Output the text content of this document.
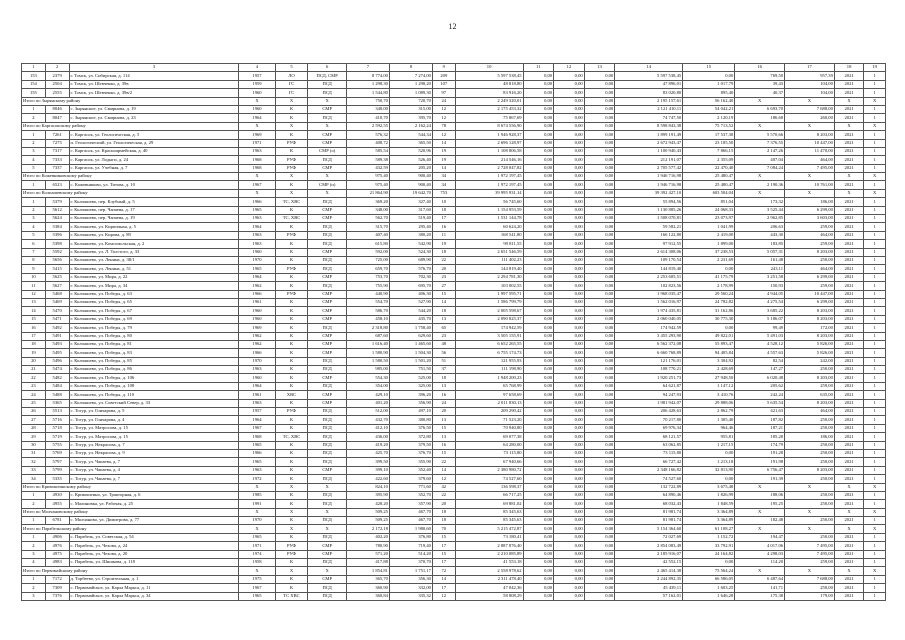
12
1	2	3	4	5	6	7	8	9	10	11	12	13	14	15	16	17	18	19
153	2379	г. Томск, ул. Сибирская, д. 114	1957	ЛО	ПСД, СМР	8 774,00	7 274,00	209	5 597 538,45	0,00	0,00	0,00	5 597 538,45	0,00	769,50	957,39	2021	1
154	2504	г. Томск, ул. Шевченко, д. 39в	1959	ГС	ПСД	1 298,30	1 298,20	107	48 818,80	0,00	0,00	0,00	47 896,01	1 017,79	39,43	104,00	2021	1
155	2555	г. Томск, ул. Шевченко, д. 39в/2	1960	ГС	ПСД	1 544,80	1 089,30	97	83 916,20	0,00	0,00	0,00	83 020,80	895,40	40,37	104,00	2021	1
Итого по Зырянскому району			X	X	X	750,70	720,70	24	2 249 320,01	0,00	0,00	0,00	2 195 157,61	56 162,40	X	X	X	X
1	8046	с. Зырянское, ул. Смирнова, д. 19	1960	К	СМР	340,00	315,00	12	2 175 453,32	0,00	0,00	0,00	2 121 410,11	54 042,21	6 693,70	7 688,00	2021	1
2	8047	с. Зырянское, ул. Смирнова, д. 23	1964	К	ПСД	410,70	395,70	12	75 867,69	0,00	0,00	0,00	74 747,50	2 120,19	186,68	260,00	2021	1
Итого по Каргасокскому району			X	X	X	2 592,55	2 162,24	78	8 674 556,90	0,00	0,00	0,00	8 598 843,38	75 713,52	X	X	X	X
1	7261	с. Каргасок, ул. Геологическая, д. 5	1969	К	СМР	576,32	544,34	12	1 946 928,37	0,00	0,00	0,00	1 899 191,49	17 537,38	5 570,66	8 203,00	2021	1
2	7275	п. Геологический, ул. Геологическая, д. 29	1971	РУФ	СМР	408,72	365,50	14	2 696 128,97	0,00	0,00	0,00	2 672 943,47	23 185,50	7 376,55	10 447,00	2021	1
3	7317	с. Каргасок, ул. Красноармейская, д. 40	1963	К	СМР (о)	585,54	520,96	19	1 108 806,58	0,00	0,00	0,00	1 100 940,43	7 866,15	2 147,26	11 470,00	2021	1
4	7333	с. Каргасок, ул. Лодыги, д. 24	1968	РУФ	ПСД	589,38	526,40	19	214 546,16	0,00	0,00	0,00	212 191,07	2 355,09	407,04	464,00	2021	1
5	7337	с. Каргасок, ул. Учебная, д. 7	1968	РУФ	СМР	432,59	205,20	14	2 728 047,82	0,00	0,00	0,00	2 705 577,42	22 470,40	7 084,24	7 495,00	2021	1
Итого по Кожевниковскому району			X	X	X	975,40	900,40	34	1 972 197,45	0,00	0,00	0,00	1 946 716,98	25 480,47	X	X	X	X
1	6523	с. Кожевниково, ул. Титова, д. 10	1967	К	СМР (п)	975,40	900,40	34	1 972 197,45	0,00	0,00	0,00	1 946 716,98	25 480,47	2 190,36	10 761,00	2021	1
Итого по Колпашевскому району			X	X	X	21 864,90	19 642,70	753	39 995 931,14	0,00	0,00	0,00	39 392 427,10	603 504,04	X	X	X	X
1	5379	г. Колпашево, пер. Клубный, д. 5	1966	ТС, ХВС	ПСД	369,20	327,40	10	56 745,60	0,00	0,00	0,00	55 894,56	851,04	173,32	186,00	2021	1
2	5612	г. Колпашево, пер. Чапаева, д. 17	1965	К	СМР	348,00	317,60	18	1 154 953,59	0,00	0,00	0,00	1 130 885,26	24 068,33	3 525,44	6 299,00	2021	1
3	5624	г. Колпашево, пер. Чапаева, д. 19	1963	ТС, ХВС	СМР	562,70	519,40	17	1 531 144,78	0,00	0,00	0,00	1 508 070,81	23 073,97	2 962,85	3 603,00	2021	1
4	5384	г. Колпашево, ул. Кирпичная, д. 5	1964	К	ПСД	315,70	295,40	16	60 624,20	0,00	0,00	0,00	59 582,21	1 041,99	206,63	259,00	2021	1
5	5396	г. Колпашево, ул. Кирова, д. 89	1963	РУФ	ПСД	407,40	380,20	11	168 541,80	0,00	0,00	0,00	166 122,80	2 419,00	443,30	464,00	2021	1
6	5398	г. Колпашево, ул. Комсомольская, д. 2	1963	К	ПСД	615,80	542,90	19	99 811,55	0,00	0,00	0,00	97 912,55	1 899,00	183,85	259,00	2021	1
7	5592	г. Колпашево, ул. Л. Толстого, д. 33	1960	К	СМР	592,00	524,30	18	2 651 546,59	0,00	0,00	0,00	2 614 308,06	37 238,53	5 057,31	8 203,00	2021	1
8	5656	г. Колпашево, ул. Ленина, д. 38/1	1970	К	ПСД	725,00	689,90	22	111 402,23	0,00	0,00	0,00	109 170,54	2 231,69	161,48	250,00	2021	1
9	5415	г. Колпашево, ул. Ленина, д. 51	1965	РУФ	ПСД	659,70	576,70	20	144 819,40	0,00	0,00	0,00	144 819,40	0,00	243,11	464,00	2021	1
10	5625	г. Колпашево, ул. Мира, д. 22	1964	К	СМР	753,70	702,30	23	2 294 781,30	0,00	0,00	0,00	2 253 605,51	41 175,79	3 251,58	6 299,00	2021	1
11	5627	г. Колпашево, ул. Мира, д. 34	1962	К	ПСД	755,90	695,70	27	103 002,55	0,00	0,00	0,00	102 823,56	2 178,99	150,93	259,00	2021	1
12	5468	г. Колпашево, ул. Победы, д. 63	1966	РУФ	СМР	440,90	406,30	15	1 997 595,71	0,00	0,00	0,00	1 968 035,47	29 560,24	4 944,05	10 447,00	2021	1
13	5469	г. Колпашево, ул. Победы, д. 65	1961	К	СМР	554,70	527,90	14	1 586 799,79	0,00	0,00	0,00	1 562 016,97	24 782,82	4 275,54	6 299,00	2021	1
14	5470	г. Колпашево, ул. Победы, д. 67	1960	К	СМР	586,70	544,20	18	2 005 598,67	0,00	0,00	0,00	1 974 435,81	31 162,86	3 685,22	8 203,00	2021	1
15	5471	г. Колпашево, ул. Победы, д. 69	1960	К	СМР	458,10	435,70	13	2 090 825,37	0,00	0,00	0,00	2 060 040,05	30 775,30	5 186,07	8 203,00	2021	1
16	5492	г. Колпашево, ул. Победы, д. 79	1969	К	ПСД	2 318,80	1 758,40	65	174 942,59	0,00	0,00	0,00	174 942,59	0,00	99,49	172,00	2021	1
17	5491	г. Колпашево, ул. Победы, д. 80	1962	К	СМР	687,60	629,60	23	3 505 155,91	0,00	0,00	0,00	3 455 293,90	49 822,01	5 491,03	8 203,00	2021	1
18	5493	г. Колпашево, ул. Победы, д. 81	1962	К	СМР	1 616,40	1 465,60	48	6 652 265,55	0,00	0,00	0,00	6 562 372,08	55 893,47	4 528,12	5 826,00	2021	1
19	5495	г. Колпашево, ул. Победы, д. 83	1966	К	СМР	1 580,90	1 504,30	56	6 755 174,73	0,00	0,00	0,00	6 660 768,89	94 405,84	4 557,63	5 826,00	2021	1
20	5496	г. Колпашево, ул. Победы, д. 85	1970	К	ПСД	1 580,50	1 501,20	51	121 955,93	0,00	0,00	0,00	121 176,01	3 304,92	82,54	242,00	2021	1
21	5474	г. Колпашево, ул. Победы, д. 86	1963	К	ПСД	985,00	751,50	37	111 198,90	0,00	0,00	0,00	108 770,21	2 428,69	147,27	250,00	2021	1
22	5482	г. Колпашево, ул. Победы, д. 106	1960	К	СМР	554,30	525,00	18	1 948 200,23	0,00	0,00	0,00	1 920 251,73	27 948,50	6 020,48	8 203,00	2021	1
23	5484	г. Колпашево, ул. Победы, д. 108	1964	К	ПСД	354,00	325,00	13	65 768,99	0,00	0,00	0,00	64 621,87	1 147,12	205,62	259,00	2021	1
24	5488	г. Колпашево, ул. Победы, д. 110	1961	ХВС	СМР	429,10	396,20	16	97 658,69	0,00	0,00	0,00	94 247,93	3 410,76	242,24	635,00	2021	1
25	5365	г. Колпашево, ул. Советский Север, д. 33	1963	К	СМР	401,20	356,90	24	2 011 830,13	0,00	0,00	0,00	1 981 942,07	29 888,06	5 635,54	8 203,00	2021	1
26	5513	с. Тогур, ул. Гончарова, д. 5	1957	РУФ	ПСД	512,00	497,10	20	209 290,42	0,00	0,00	0,00	206 428,63	2 862,79	421,63	464,00	2021	1
27	5716	с. Тогур, ул. Гончарова, д. 4	1964	К	ПСД	432,70	380,80	13	71 523,20	0,00	0,00	0,00	70 217,80	1 305,40	187,82	250,00	2021	1
28	5718	с. Тогур, ул. Матросова, д. 15	1967	К	ПСД	412,10	376,50	15	70 940,80	0,00	0,00	0,00	69 976,34	964,46	187,21	250,00	2021	1
29	5719	с. Тогур, ул. Матросова, д. 15	1968	ТС, ХВС	ПСД	436,00	372,80	13	69 077,38	0,00	0,00	0,00	68 121,57	955,81	185,28	186,00	2021	1
30	5755	с. Тогур, ул. Некрасова, д. 7	1965	К	ПСД	419,20	379,50	16	64 280,00	0,00	0,00	0,00	63 062,85	1 217,15	174,79	250,00	2021	1
31	5769	с. Тогур, ул. Некрасова, д. 9	1966	К	ПСД	425,70	376,70	15	73 115,80	0,00	0,00	0,00	73 115,80	0,00	191,28	250,00	2021	1
32	5797	с. Тогур, ул. Чапаева, д. 7	1965	К	ПСД	399,50	355,90	22	67 940,66	0,00	0,00	0,00	66 727,42	1 213,18	191,98	250,00	2021	1
33	5799	с. Тогур, ул. Чапаева, д. 4	1963	К	СМР	399,10	352,40	14	2 380 980,72	0,00	0,00	0,00	2 348 166,82	32 813,90	6 756,47	8 203,00	2021	1
34	5335	с. Тогур, ул. Чапаева, д. 7	1972	К	ПСД	422,60	379,60	12	74 527,60	0,00	0,00	0,00	74 527,60	0,00	191,39	250,00	2021	1
Итого по Кривошеинскому району			X	X	X	824,10	771,60	42	136 598,37	0,00	0,00	0,00	132 722,89	3 675,48	X	X	X	X
1	4930	с. Кривошеино, ул. Тракторная, д. 6	1985	К	ПСД	395,90	352,70	22	66 717,25	0,00	0,00	0,00	64 890,46	1 826,99	188,06	250,00	2021	1
2	4955	с. Малиновка, ул. Рабочая, д. 25	1991	К	ПСД	428,20	357,90	20	69 881,02	0,00	0,00	0,00	68 032,43	1 848,59	195,25	250,00	2021	1
Итого по Молчановскому району			X	X	X	509,25	467,70	18	85 345,63	0,00	0,00	0,00	81 981,74	3 364,89	X	X	X	X
1	6781	с. Молчаново, ул. Димитрова, д. 77	1970	К	ПСД	509,25	467,70	18	85 345,63	0,00	0,00	0,00	81 981,74	3 364,89	182,48	250,00	2021	1
Итого по Парабельскому району			X	X	X	2 172,18	1 980,60	70	5 215 472,87	0,00	0,00	0,00	5 154 364,60	61 108,27	X	X	X	X
1	4906	с. Парабель, ул. Советская, д. 54	1965	К	ПСД	402,20	376,80	15	73 180,41	0,00	0,00	0,00	72 027,69	1 152,72	194,47	250,00	2021	1
2	4976	с. Парабель, ул. Чехова, д. 24	1971	РУФ	СМР	780,90	719,40	17	2 887 876,40	0,00	0,00	0,00	2 854 083,49	33 792,91	4 017,06	7 495,00	2021	1
3	4975	с. Парабель, ул. Чехова, д. 20	1974	РУФ	СМР	571,20	514,20	15	2 210 085,89	0,00	0,00	0,00	2 185 916,07	24 164,82	4 298,03	7 495,00	2021	1
4	4983	с. Парабель, ул. Шишкова, д. 118	1958	К	ПСД	417,88	370,70	17	41 553,18	0,00	0,00	0,00	42 552,15	0,00	114,20	259,00	2021	1
Итого по Первомайскому району			X	X	X	1 854,81	1 751,17	72	2 558 978,62	0,00	0,00	0,00	2 465 414,38	75 564,24	X	X	X	X
1	7172	д. Торбеево, ул. Строительная, д. 1	1975	К	СМР	365,70	356,30	14	2 311 478,40	0,00	0,00	0,00	2 244 892,35	66 586,05	6 487,64	7 688,00	2021	1
2	7309	с. Первомайское, ул. Карла Маркса, д. 11	1967	К	ПСД	360,90	332,00	17	47 042,36	0,00	0,00	0,00	45 439,11	1 603,25	141,71	250,00	2021	1
3	7376	с. Первомайское, ул. Карла Маркса, д. 34	1965	ТС ХВС	ПСД	360,84	335,32	12	58 808,29	0,00	0,00	0,00	57 162,01	1 646,28	175,38	179,00	2021	1
